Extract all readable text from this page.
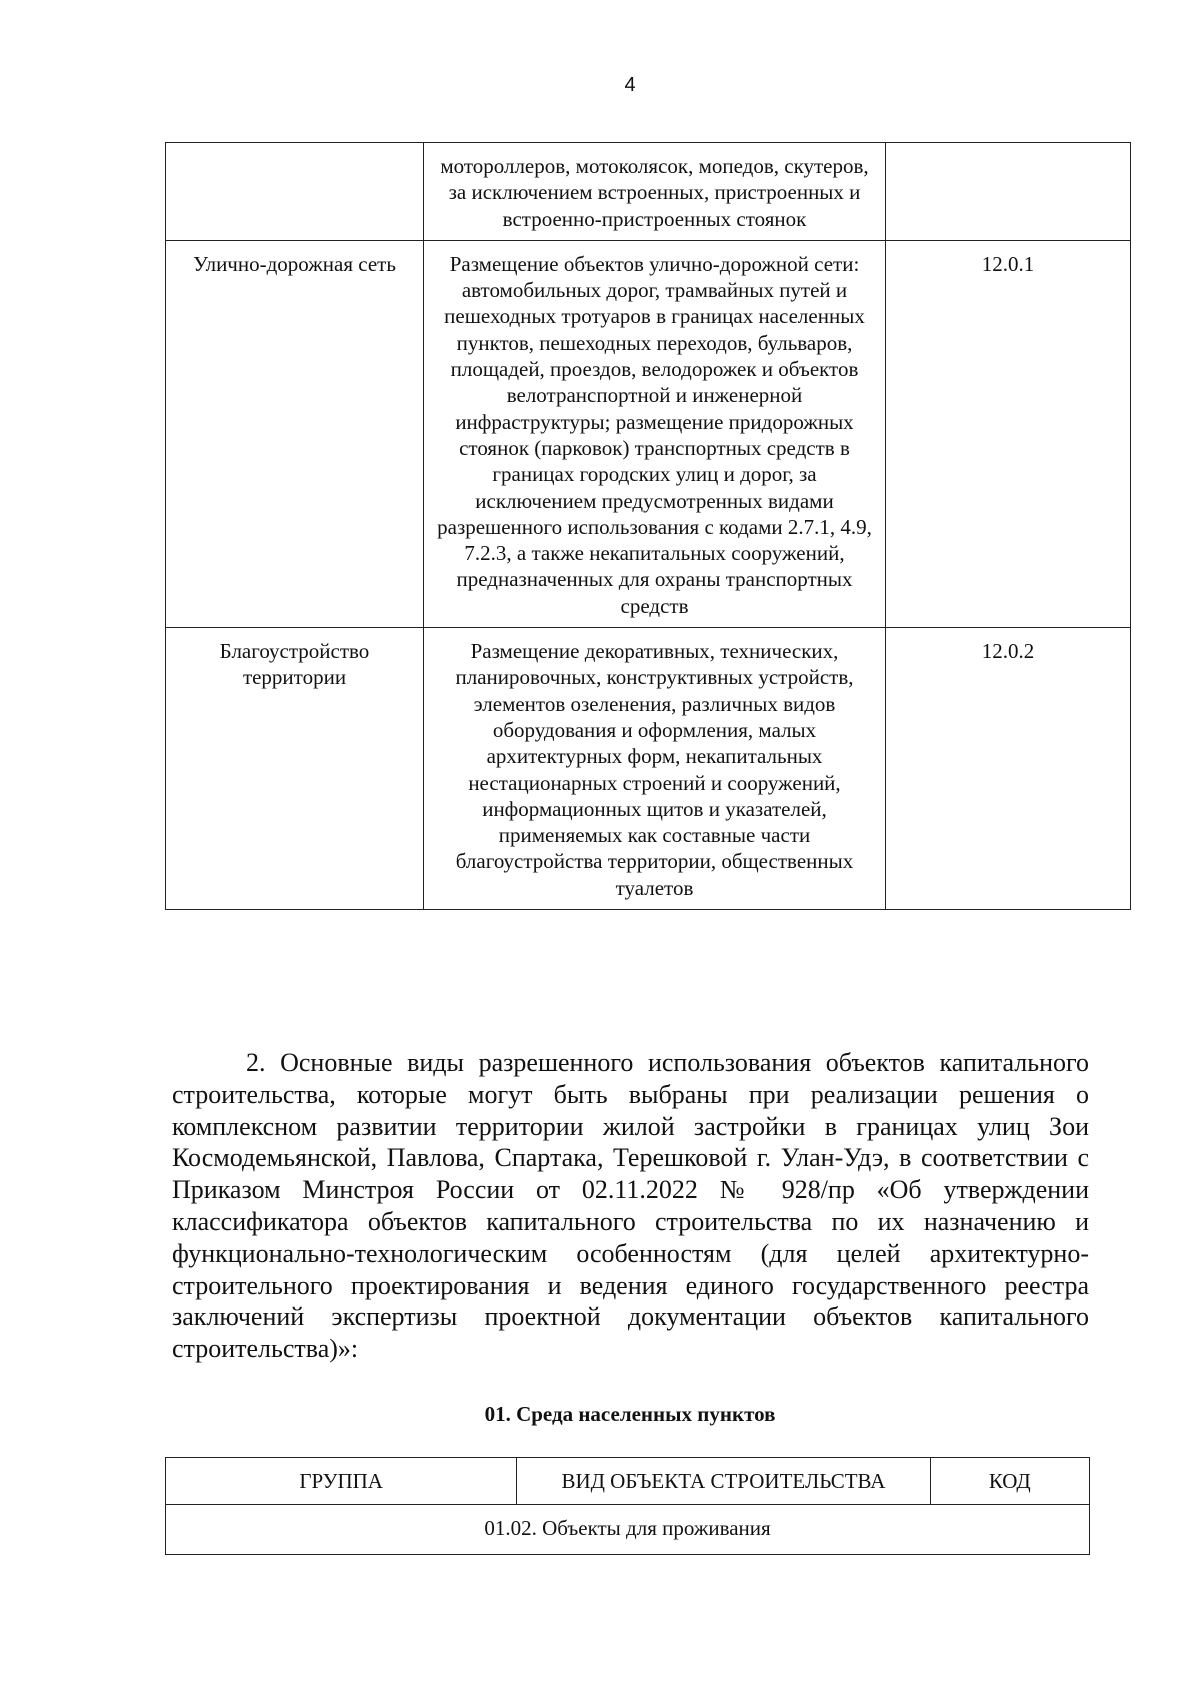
4
	мотороллеров, мотоколясок, мопедов, скутеров, за исключением встроенных, пристроенных и встроенно-пристроенных стоянок	
Улично-дорожная сеть	Размещение объектов улично-дорожной сети: автомобильных дорог, трамвайных путей и пешеходных тротуаров в границах населенных пунктов, пешеходных переходов, бульваров, площадей, проездов, велодорожек и объектов велотранспортной и инженерной инфраструктуры; размещение придорожных стоянок (парковок) транспортных средств в границах городских улиц и дорог, за исключением предусмотренных видами разрешенного использования с кодами 2.7.1, 4.9, 7.2.3, а также некапитальных сооружений, предназначенных для охраны транспортных средств	12.0.1
Благоустройство территории	Размещение декоративных, технических, планировочных, конструктивных устройств, элементов озеленения, различных видов оборудования и оформления, малых архитектурных форм, некапитальных нестационарных строений и сооружений, информационных щитов и указателей, применяемых как составные части благоустройства территории, общественных туалетов	12.0.2

2. Основные виды разрешенного использования объектов капитального строительства, которые могут быть выбраны при реализации решения о комплексном развитии территории жилой застройки в границах улиц Зои Космодемьянской, Павлова, Спартака, Терешковой г. Улан-Удэ, в соответствии с Приказом Минстроя России от 02.11.2022 № 928/пр «Об утверждении классификатора объектов капитального строительства по их назначению и функционально-технологическим особенностям (для целей архитектурно-строительного проектирования и ведения единого государственного реестра заключений экспертизы проектной документации объектов капитального строительства)»:

01. Среда населенных пунктов
ГРУППА	ВИД ОБЪЕКТА СТРОИТЕЛЬСТВА	КОД
01.02. Объекты для проживания
